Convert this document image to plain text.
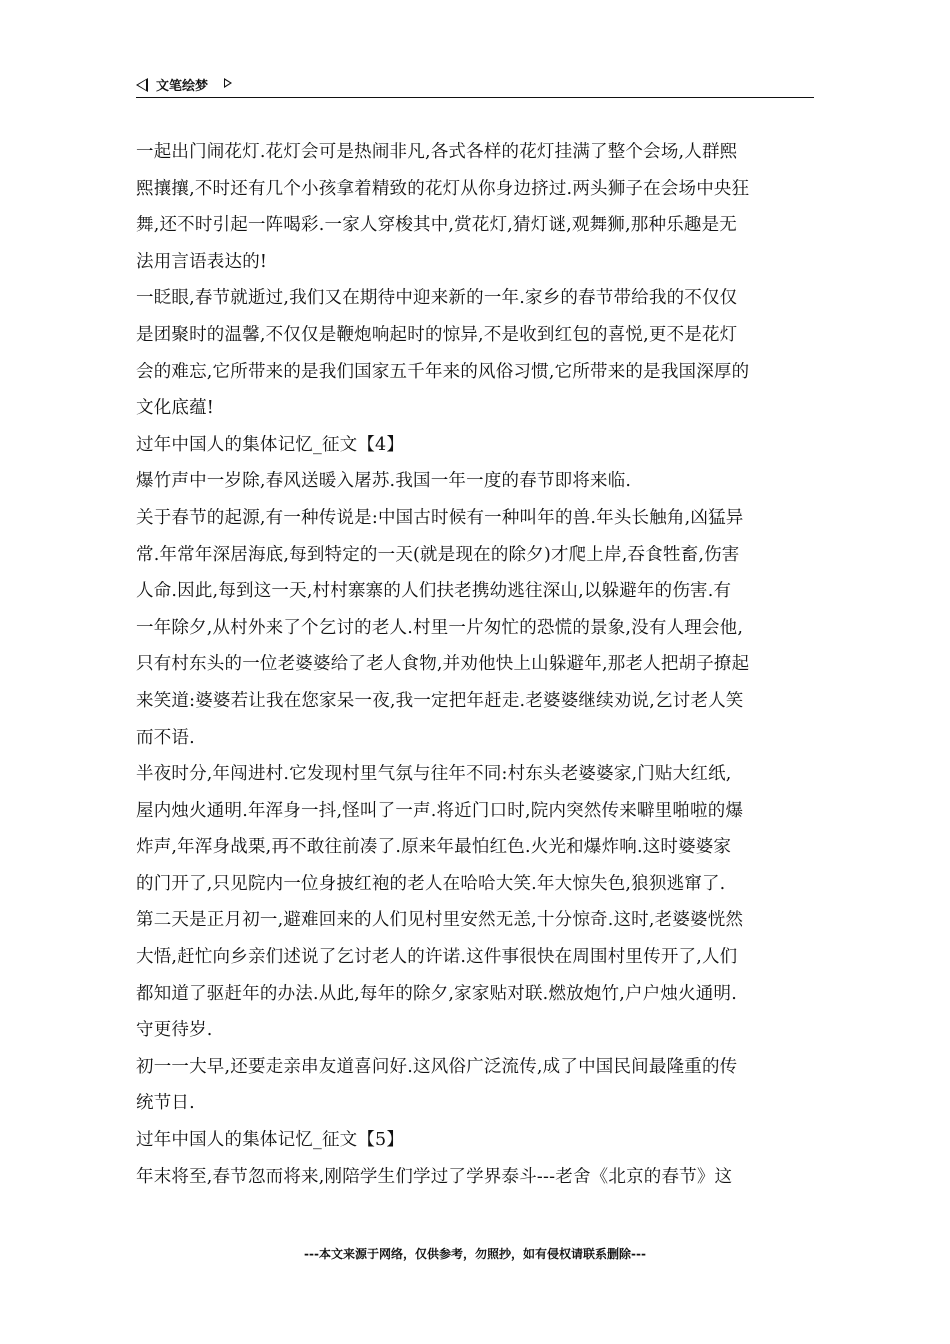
文笔绘梦
一起出门闹花灯.花灯会可是热闹非凡,各式各样的花灯挂满了整个会场,人群熙
熙攘攘,不时还有几个小孩拿着精致的花灯从你身边挤过.两头狮子在会场中央狂
舞,还不时引起一阵喝彩.一家人穿梭其中,赏花灯,猜灯谜,观舞狮,那种乐趣是无
法用言语表达的!
一眨眼,春节就逝过,我们又在期待中迎来新的一年.家乡的春节带给我的不仅仅
是团聚时的温馨,不仅仅是鞭炮响起时的惊异,不是收到红包的喜悦,更不是花灯
会的难忘,它所带来的是我们国家五千年来的风俗习惯,它所带来的是我国深厚的
文化底蕴!
过年中国人的集体记忆_征文【4】
爆竹声中一岁除,春风送暖入屠苏.我国一年一度的春节即将来临.
关于春节的起源,有一种传说是:中国古时候有一种叫年的兽.年头长触角,凶猛异
常.年常年深居海底,每到特定的一天(就是现在的除夕)才爬上岸,吞食牲畜,伤害
人命.因此,每到这一天,村村寨寨的人们扶老携幼逃往深山,以躲避年的伤害.有
一年除夕,从村外来了个乞讨的老人.村里一片匆忙的恐慌的景象,没有人理会他,
只有村东头的一位老婆婆给了老人食物,并劝他快上山躲避年,那老人把胡子撩起
来笑道:婆婆若让我在您家呆一夜,我一定把年赶走.老婆婆继续劝说,乞讨老人笑
而不语.
半夜时分,年闯进村.它发现村里气氛与往年不同:村东头老婆婆家,门贴大红纸,
屋内烛火通明.年浑身一抖,怪叫了一声.将近门口时,院内突然传来噼里啪啦的爆
炸声,年浑身战栗,再不敢往前凑了.原来年最怕红色.火光和爆炸响.这时婆婆家
的门开了,只见院内一位身披红袍的老人在哈哈大笑.年大惊失色,狼狈逃窜了.
第二天是正月初一,避难回来的人们见村里安然无恙,十分惊奇.这时,老婆婆恍然
大悟,赶忙向乡亲们述说了乞讨老人的许诺.这件事很快在周围村里传开了,人们
都知道了驱赶年的办法.从此,每年的除夕,家家贴对联.燃放炮竹,户户烛火通明.
守更待岁.
初一一大早,还要走亲串友道喜问好.这风俗广泛流传,成了中国民间最隆重的传
统节日.
过年中国人的集体记忆_征文【5】
年末将至,春节忽而将来,刚陪学生们学过了学界泰斗---老舍《北京的春节》这
---本文来源于网络，仅供参考，勿照抄，如有侵权请联系删除---
